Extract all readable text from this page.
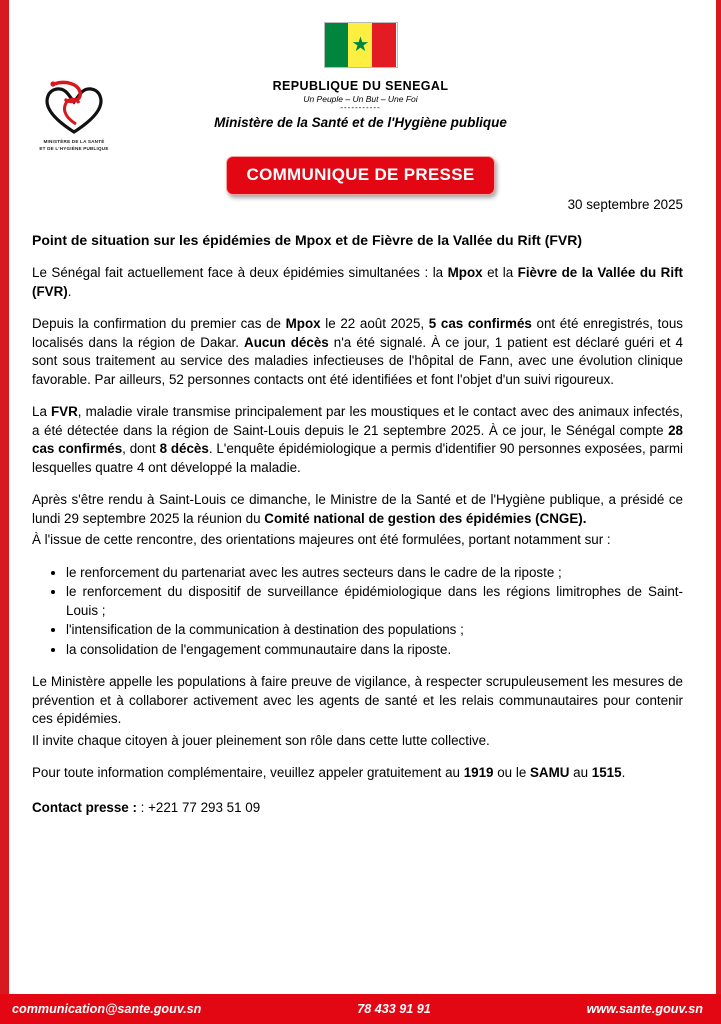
MINISTÈRE DE LA SANTÉ
ET DE L'HYGIÈNE PUBLIQUE
★
REPUBLIQUE DU SENEGAL
Un Peuple – Un But – Une Foi
-----------
Ministère de la Santé et de l'Hygiène publique
COMMUNIQUE DE PRESSE
30 septembre 2025
Point de situation sur les épidémies de Mpox et de Fièvre de la Vallée du Rift (FVR)

Le Sénégal fait actuellement face à deux épidémies simultanées : la Mpox et la Fièvre de la Vallée du Rift (FVR).

Depuis la confirmation du premier cas de Mpox le 22 août 2025, 5 cas confirmés ont été enregistrés, tous localisés dans la région de Dakar. Aucun décès n'a été signalé. À ce jour, 1 patient est déclaré guéri et 4 sont sous traitement au service des maladies infectieuses de l'hôpital de Fann, avec une évolution clinique favorable. Par ailleurs, 52 personnes contacts ont été identifiées et font l'objet d'un suivi rigoureux.

La FVR, maladie virale transmise principalement par les moustiques et le contact avec des animaux infectés, a été détectée dans la région de Saint-Louis depuis le 21 septembre 2025. À ce jour, le Sénégal compte 28 cas confirmés, dont 8 décès. L'enquête épidémiologique a permis d'identifier 90 personnes exposées, parmi lesquelles quatre 4 ont développé la maladie.

Après s'être rendu à Saint-Louis ce dimanche, le Ministre de la Santé et de l'Hygiène publique, a présidé ce lundi 29 septembre 2025 la réunion du Comité national de gestion des épidémies (CNGE).

À l'issue de cette rencontre, des orientations majeures ont été formulées, portant notamment sur :

• le renforcement du partenariat avec les autres secteurs dans le cadre de la riposte ;
• le renforcement du dispositif de surveillance épidémiologique dans les régions limitrophes de Saint-Louis ;
• l'intensification de la communication à destination des populations ;
• la consolidation de l'engagement communautaire dans la riposte.

Le Ministère appelle les populations à faire preuve de vigilance, à respecter scrupuleusement les mesures de prévention et à collaborer activement avec les agents de santé et les relais communautaires pour contenir ces épidémies.

Il invite chaque citoyen à jouer pleinement son rôle dans cette lutte collective.

Pour toute information complémentaire, veuillez appeler gratuitement au 1919 ou le SAMU au 1515.

Contact presse : : +221 77 293 51 09
communication@sante.gouv.sn	78 433 91 91	www.sante.gouv.sn
